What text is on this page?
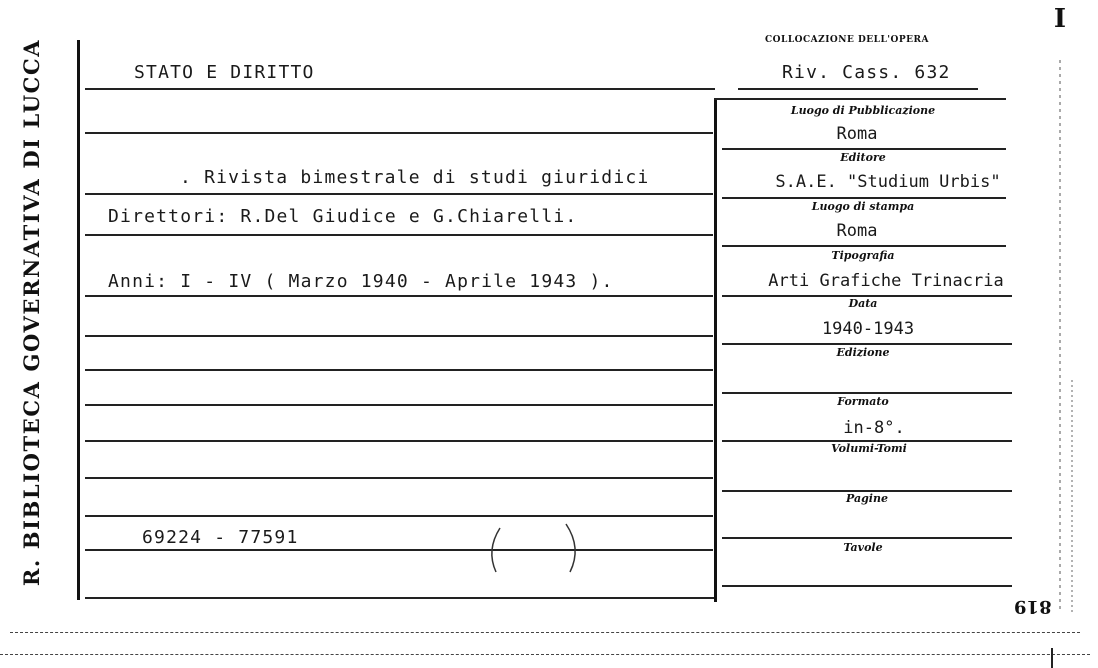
R. BIBLIOTECA GOVERNATIVA DI LUCCA
I
COLLOCAZIONE DELL'OPERA
STATO E DIRITTO	Riv. Cass. 632
. Rivista bimestrale di studi giuridici
Direttori: R.Del Giudice e G.Chiarelli.
Anni: I - IV ( Marzo 1940 - Aprile 1943 ).
69224 - 77591
Luogo di Pubblicazione
Editore
Luogo di stampa
Tipografia
Data
Edizione
Formato
Volumi-Tomi
Pagine
Tavole
Roma
S.A.E. "Studium Urbis"
Roma
Arti Grafiche Trinacria
1940-1943
in-8°.
819
